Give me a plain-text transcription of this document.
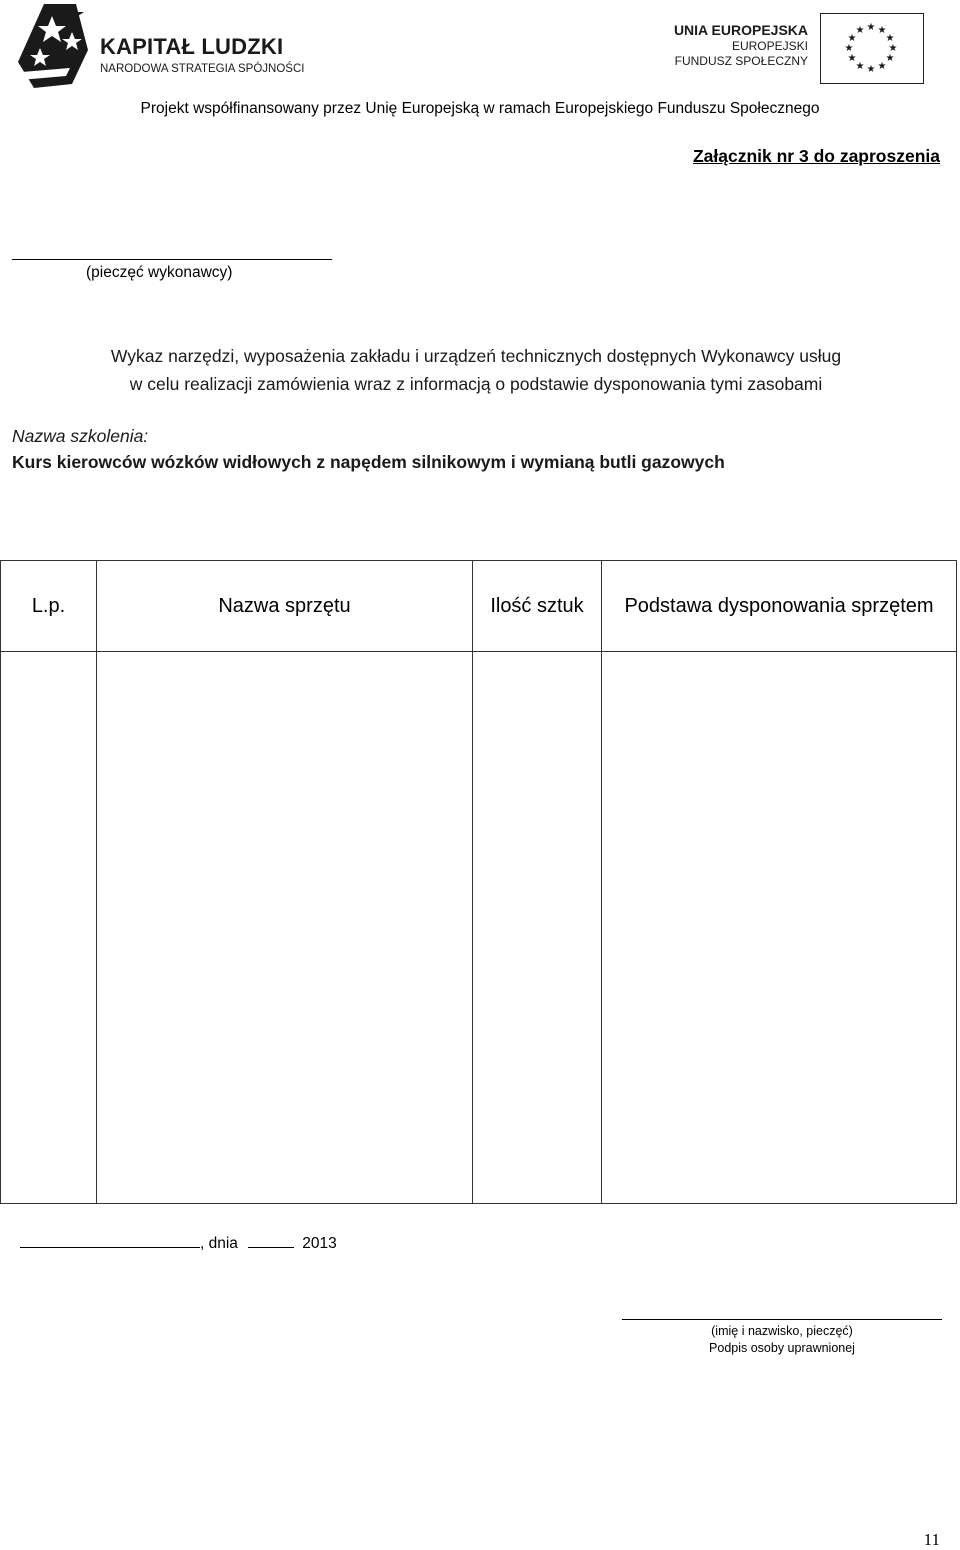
KAPITAŁ LUDZKI
NARODOWA STRATEGIA SPÓJNOŚCI
UNIA EUROPEJSKA
EUROPEJSKI
FUNDUSZ SPOŁECZNY
★ ★
★
★
★
★
★
★
★
★
★
★
Projekt współfinansowany przez Unię Europejską w ramach Europejskiego Funduszu Społecznego
Załącznik nr 3 do zaproszenia
(pieczęć wykonawcy)
Wykaz narzędzi, wyposażenia zakładu i urządzeń technicznych dostępnych Wykonawcy usług
w celu realizacji zamówienia wraz z informacją o podstawie dysponowania tymi zasobami
Nazwa szkolenia:
Kurs kierowców wózków widłowych z napędem silnikowym i wymianą butli gazowych
L.p.	Nazwa sprzętu	Ilość sztuk	Podstawa dysponowania sprzętem

, dnia	2013
(imię i nazwisko, pieczęć)
Podpis osoby uprawnionej
11
